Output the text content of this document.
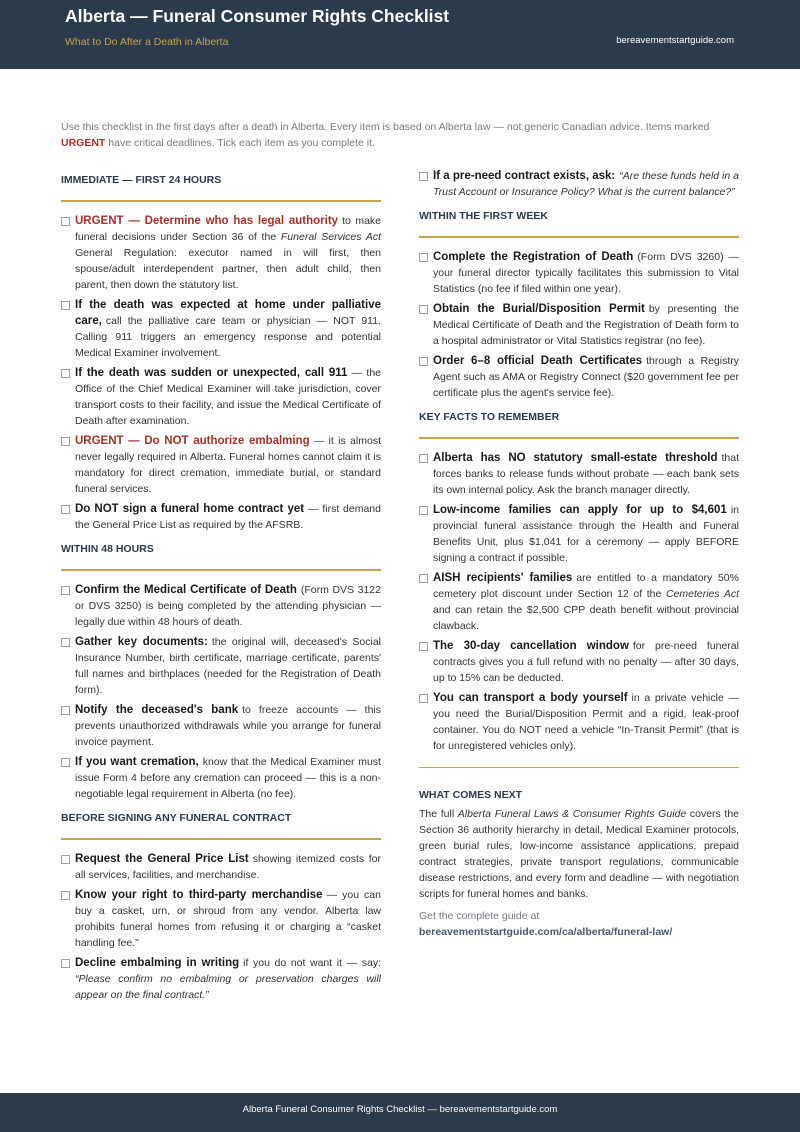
Alberta — Funeral Consumer Rights Checklist
What to Do After a Death in Alberta	bereavementstartguide.com
Use this checklist in the first days after a death in Alberta. Every item is based on Alberta law — not generic Canadian advice. Items marked URGENT have critical deadlines. Tick each item as you complete it.
IMMEDIATE — FIRST 24 HOURS
URGENT — Determine who has legal authority to make funeral decisions under Section 36 of the Funeral Services Act General Regulation: executor named in will first, then spouse/adult interdependent partner, then adult child, then parent, then down the statutory list.
If the death was expected at home under palliative care, call the palliative care team or physician — NOT 911. Calling 911 triggers an emergency response and potential Medical Examiner involvement.
If the death was sudden or unexpected, call 911 — the Office of the Chief Medical Examiner will take jurisdiction, cover transport costs to their facility, and issue the Medical Certificate of Death after examination.
URGENT — Do NOT authorize embalming — it is almost never legally required in Alberta. Funeral homes cannot claim it is mandatory for direct cremation, immediate burial, or standard funeral services.
Do NOT sign a funeral home contract yet — first demand the General Price List as required by the AFSRB.
WITHIN 48 HOURS
Confirm the Medical Certificate of Death (Form DVS 3122 or DVS 3250) is being completed by the attending physician — legally due within 48 hours of death.
Gather key documents: the original will, deceased's Social Insurance Number, birth certificate, marriage certificate, parents' full names and birthplaces (needed for the Registration of Death form).
Notify the deceased's bank to freeze accounts — this prevents unauthorized withdrawals while you arrange for funeral invoice payment.
If you want cremation, know that the Medical Examiner must issue Form 4 before any cremation can proceed — this is a non-negotiable legal requirement in Alberta (no fee).
BEFORE SIGNING ANY FUNERAL CONTRACT
Request the General Price List showing itemized costs for all services, facilities, and merchandise.
Know your right to third-party merchandise — you can buy a casket, urn, or shroud from any vendor. Alberta law prohibits funeral homes from refusing it or charging a “casket handling fee.”
Decline embalming in writing if you do not want it — say: “Please confirm no embalming or preservation charges will appear on the final contract.”
If a pre-need contract exists, ask: “Are these funds held in a Trust Account or Insurance Policy? What is the current balance?”
WITHIN THE FIRST WEEK
Complete the Registration of Death (Form DVS 3260) — your funeral director typically facilitates this submission to Vital Statistics (no fee if filed within one year).
Obtain the Burial/Disposition Permit by presenting the Medical Certificate of Death and the Registration of Death form to a hospital administrator or Vital Statistics registrar (no fee).
Order 6–8 official Death Certificates through a Registry Agent such as AMA or Registry Connect ($20 government fee per certificate plus the agent's service fee).
KEY FACTS TO REMEMBER
Alberta has NO statutory small-estate threshold that forces banks to release funds without probate — each bank sets its own internal policy. Ask the branch manager directly.
Low-income families can apply for up to $4,601 in provincial funeral assistance through the Health and Funeral Benefits Unit, plus $1,041 for a ceremony — apply BEFORE signing a contract if possible.
AISH recipients' families are entitled to a mandatory 50% cemetery plot discount under Section 12 of the Cemeteries Act and can retain the $2,500 CPP death benefit without provincial clawback.
The 30-day cancellation window for pre-need funeral contracts gives you a full refund with no penalty — after 30 days, up to 15% can be deducted.
You can transport a body yourself in a private vehicle — you need the Burial/Disposition Permit and a rigid, leak-proof container. You do NOT need a vehicle “In-Transit Permit” (that is for unregistered vehicles only).
WHAT COMES NEXT
The full Alberta Funeral Laws & Consumer Rights Guide covers the Section 36 authority hierarchy in detail, Medical Examiner protocols, green burial rules, low-income assistance applications, prepaid contract strategies, private transport regulations, communicable disease restrictions, and every form and deadline — with negotiation scripts for funeral homes and banks.
Get the complete guide at
bereavementstartguide.com/ca/alberta/funeral-law/
Alberta Funeral Consumer Rights Checklist — bereavementstartguide.com
